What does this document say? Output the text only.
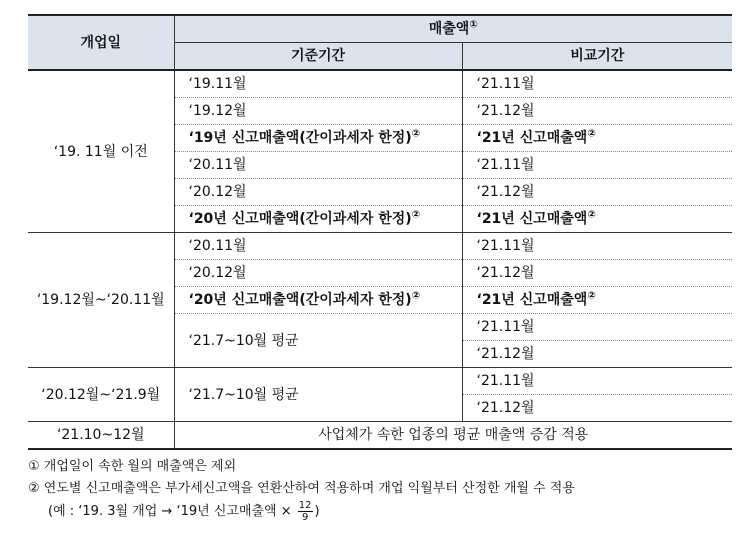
개업일	매출액①
	기준기간	비교기간
‘19. 11월 이전	‘19.11월	‘21.11월
	‘19.12월	‘21.12월
	‘19년 신고매출액(간이과세자 한정)②	‘21년 신고매출액②
	‘20.11월	‘21.11월
	‘20.12월	‘21.12월
	‘20년 신고매출액(간이과세자 한정)②	‘21년 신고매출액②
‘19.12월~‘20.11월	‘20.11월	‘21.11월
	‘20.12월	‘21.12월
	‘20년 신고매출액(간이과세자 한정)②	‘21년 신고매출액②
	‘21.7~10월 평균	‘21.11월
		‘21.12월
‘20.12월~‘21.9월	‘21.7~10월 평균	‘21.11월
		‘21.12월
‘21.10~12월	사업체가 속한 업종의 평균 매출액 증감 적용	
① 개업일이 속한 월의 매출액은 제외
② 연도별 신고매출액은 부가세신고액을 연환산하여 적용하며 개업 익월부터 산정한 개월 수 적용
(예 : ‘19. 3월 개업 → ‘19년 신고매출액 × $\frac{12}{9}$ )
